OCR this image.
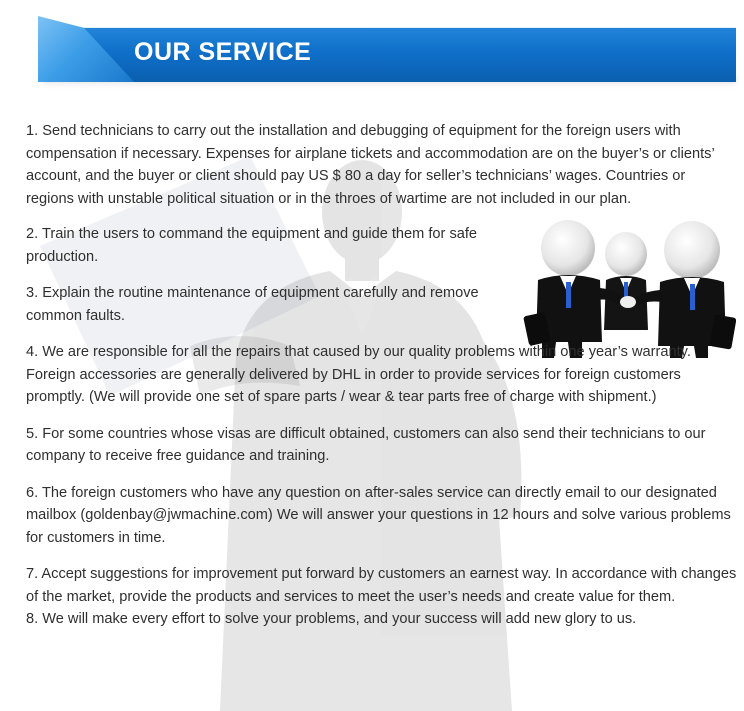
OUR SERVICE

1. Send technicians to carry out the installation and debugging of equipment for the foreign users with compensation if necessary. Expenses for airplane tickets and accommodation are on the buyer’s or clients’ account, and the buyer or client should pay US $ 80 a day for seller’s technicians’ wages. Countries or regions with unstable political situation or in the throes of wartime are not included in our plan.

2. Train the users to command the equipment and guide them for safe production.

3. Explain the routine maintenance of equipment carefully and remove common faults.

4. We are responsible for all the repairs that caused by our quality problems within one year’s warranty. Foreign accessories are generally delivered by DHL in order to provide services for foreign customers promptly. (We will provide one set of spare parts / wear & tear parts free of charge with shipment.)

5. For some countries whose visas are difficult obtained, customers can also send their technicians to our company to receive free guidance and training.

6. The foreign customers who have any question on after-sales service can directly email to our designated mailbox (goldenbay@jwmachine.com) We will answer your questions in 12 hours and solve various problems for customers in time.

7. Accept suggestions for improvement put forward by customers an earnest way. In accordance with changes of the market, provide the products and services to meet the user’s needs and create value for them.

8. We will make every effort to solve your problems, and your success will add new glory to us.
